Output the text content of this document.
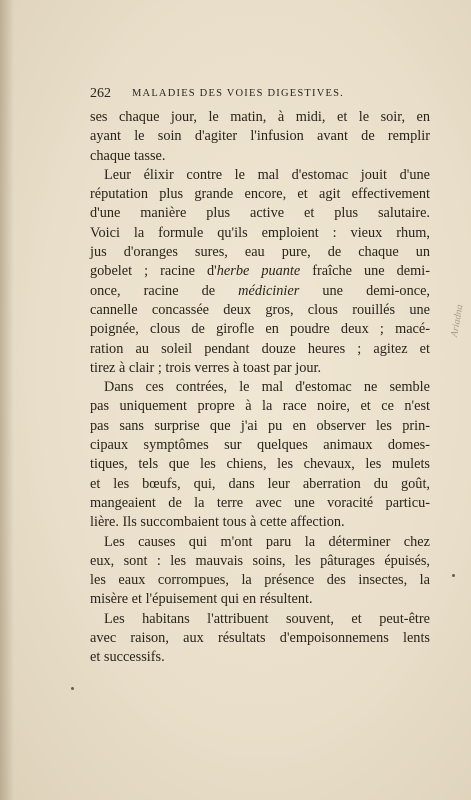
262 MALADIES DES VOIES DIGESTIVES.
ses chaque jour, le matin, à midi, et le soir, en
ayant le soin d'agiter l'infusion avant de remplir
chaque tasse.
Leur élixir contre le mal d'estomac jouit d'une
réputation plus grande encore, et agit effectivement
d'une manière plus active et plus salutaire.
Voici la formule qu'ils emploient : vieux rhum,
jus d'oranges sures, eau pure, de chaque un
gobelet ; racine d'herbe puante fraîche une demi-
once, racine de médicinier une demi-once,
cannelle concassée deux gros, clous rouillés une
poignée, clous de girofle en poudre deux ; macé-
ration au soleil pendant douze heures ; agitez et
tirez à clair ; trois verres à toast par jour.
Dans ces contrées, le mal d'estomac ne semble
pas uniquement propre à la race noire, et ce n'est
pas sans surprise que j'ai pu en observer les prin-
cipaux symptômes sur quelques animaux domes-
tiques, tels que les chiens, les chevaux, les mulets
et les bœufs, qui, dans leur aberration du goût,
mangeaient de la terre avec une voracité particu-
lière. Ils succombaient tous à cette affection.
Les causes qui m'ont paru la déterminer chez
eux, sont : les mauvais soins, les pâturages épuisés,
les eaux corrompues, la présence des insectes, la
misère et l'épuisement qui en résultent.
Les habitans l'attribuent souvent, et peut-être
avec raison, aux résultats d'empoisonnemens lents
et successifs.
Ariadna
